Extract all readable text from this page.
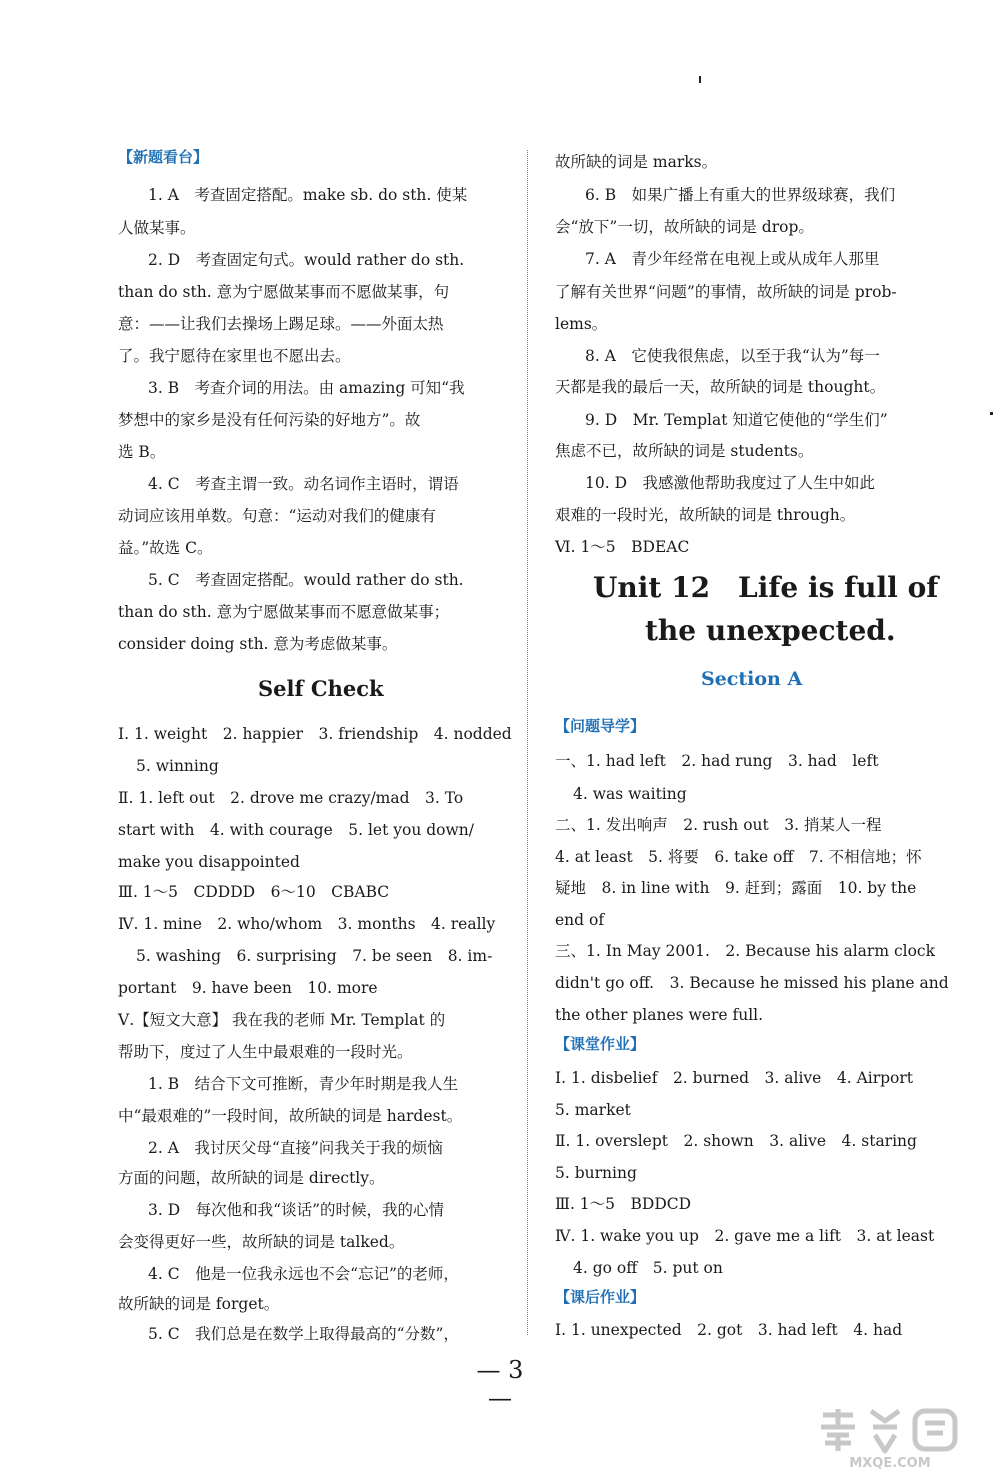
【新题看台】
1. A　考查固定搭配。make sb. do sth. 使某
人做某事。
2. D　考查固定句式。would rather do sth.
than do sth. 意为宁愿做某事而不愿做某事，句
意：——让我们去操场上踢足球。——外面太热
了。我宁愿待在家里也不愿出去。
3. B　考查介词的用法。由 amazing 可知“我
梦想中的家乡是没有任何污染的好地方”。故
选 B。
4. C　考查主谓一致。动名词作主语时，谓语
动词应该用单数。句意：“运动对我们的健康有
益。”故选 C。
5. C　考查固定搭配。would rather do sth.
than do sth. 意为宁愿做某事而不愿意做某事；
consider doing sth. 意为考虑做某事。
Self Check
Ⅰ. 1. weight　2. happier　3. friendship　4. nodded
5. winning
Ⅱ. 1. left out　2. drove me crazy/mad　3. To
start with　4. with courage　5. let you down/
make you disappointed
Ⅲ. 1～5　CDDDD　6～10　CBABC
Ⅳ. 1. mine　2. who/whom　3. months　4. really
5. washing　6. surprising　7. be seen　8. im-
portant　9. have been　10. more
Ⅴ.【短文大意】 我在我的老师 Mr. Templat 的
帮助下，度过了人生中最艰难的一段时光。
1. B　结合下文可推断，青少年时期是我人生
中“最艰难的”一段时间，故所缺的词是 hardest。
2. A　我讨厌父母“直接”问我关于我的烦恼
方面的问题，故所缺的词是 directly。
3. D　每次他和我“谈话”的时候，我的心情
会变得更好一些，故所缺的词是 talked。
4. C　他是一位我永远也不会“忘记”的老师，
故所缺的词是 forget。
5. C　我们总是在数学上取得最高的“分数”，
故所缺的词是 marks。
6. B　如果广播上有重大的世界级球赛，我们
会“放下”一切，故所缺的词是 drop。
7. A　青少年经常在电视上或从成年人那里
了解有关世界“问题”的事情，故所缺的词是 prob-
lems。
8. A　它使我很焦虑，以至于我“认为”每一
天都是我的最后一天，故所缺的词是 thought。
9. D　Mr. Templat 知道它使他的“学生们”
焦虑不已，故所缺的词是 students。
10. D　我感激他帮助我度过了人生中如此
艰难的一段时光，故所缺的词是 through。
Ⅵ. 1～5　BDEAC
Unit 12　Life is full of
the unexpected.
Section A
【问题导学】
一、1. had left　2. had rung　3. had　left
4. was waiting
二、1. 发出响声　2. rush out　3. 捎某人一程
4. at least　5. 将要　6. take off　7. 不相信地；怀
疑地　8. in line with　9. 赶到；露面　10. by the
end of
三、1. In May 2001.　2. Because his alarm clock
didn't go off.　3. Because he missed his plane and
the other planes were full.
【课堂作业】
Ⅰ. 1. disbelief　2. burned　3. alive　4. Airport
5. market
Ⅱ. 1. overslept　2. shown　3. alive　4. staring
5. burning
Ⅲ. 1～5　BDDCD
Ⅳ. 1. wake you up　2. gave me a lift　3. at least
4. go off　5. put on
【课后作业】
Ⅰ. 1. unexpected　2. got　3. had left　4. had
— 3 —
MXQE.COM
